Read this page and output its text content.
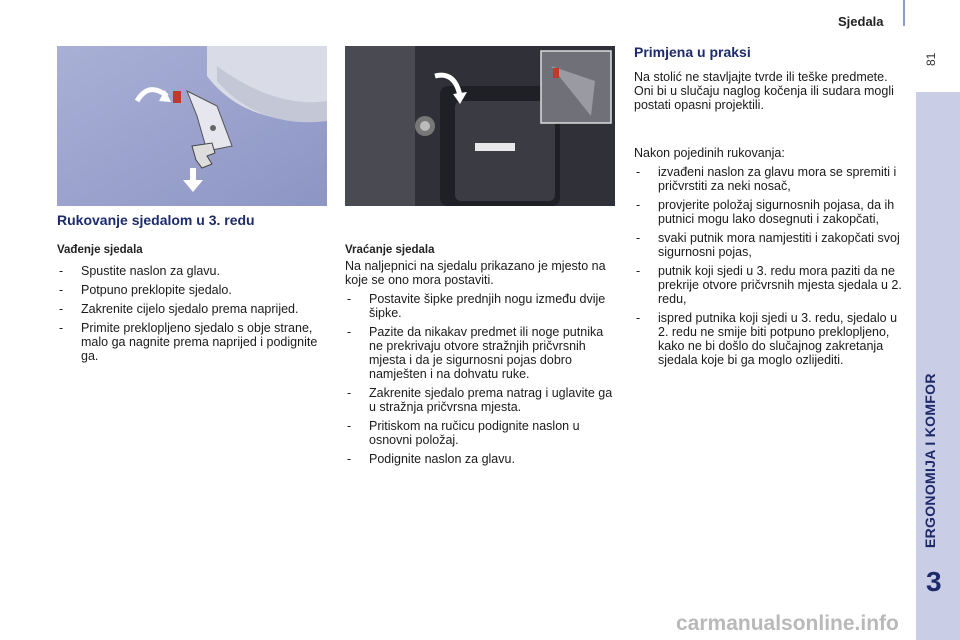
Sjedala
81
ERGONOMIJA I KOMFOR
3
Rukovanje sjedalom u 3. redu
Vađenje sjedala
- Spustite naslon za glavu.
- Potpuno preklopite sjedalo.
- Zakrenite cijelo sjedalo prema naprijed.
- Primite preklopljeno sjedalo s obje strane, malo ga nagnite prema naprijed i podignite ga.
Vraćanje sjedala

Na naljepnici na sjedalu prikazano je mjesto na koje se ono mora postaviti.

- Postavite šipke prednjih nogu između dvije šipke.
- Pazite da nikakav predmet ili noge putnika ne prekrivaju otvore stražnjih pričvrsnih mjesta i da je sigurnosni pojas dobro namješten i na dohvatu ruke.
- Zakrenite sjedalo prema natrag i uglavite ga u stražnja pričvrsna mjesta.
- Pritiskom na ručicu podignite naslon u osnovni položaj.
- Podignite naslon za glavu.
Primjena u praksi

Na stolić ne stavljajte tvrde ili teške predmete. Oni bi u slučaju naglog kočenja ili sudara mogli postati opasni projektili.

Nakon pojedinih rukovanja:

- izvađeni naslon za glavu mora se spremiti i pričvrstiti za neki nosač,
- provjerite položaj sigurnosnih pojasa, da ih putnici mogu lako dosegnuti i zakopčati,
- svaki putnik mora namjestiti i zakopčati svoj sigurnosni pojas,
- putnik koji sjedi u 3. redu mora paziti da ne prekrije otvore pričvrsnih mjesta sjedala u 2. redu,
- ispred putnika koji sjedi u 3. redu, sjedalo u 2. redu ne smije biti potpuno preklopljeno, kako ne bi došlo do slučajnog zakretanja sjedala koje bi ga moglo ozlijediti.
carmanualsonline.info
